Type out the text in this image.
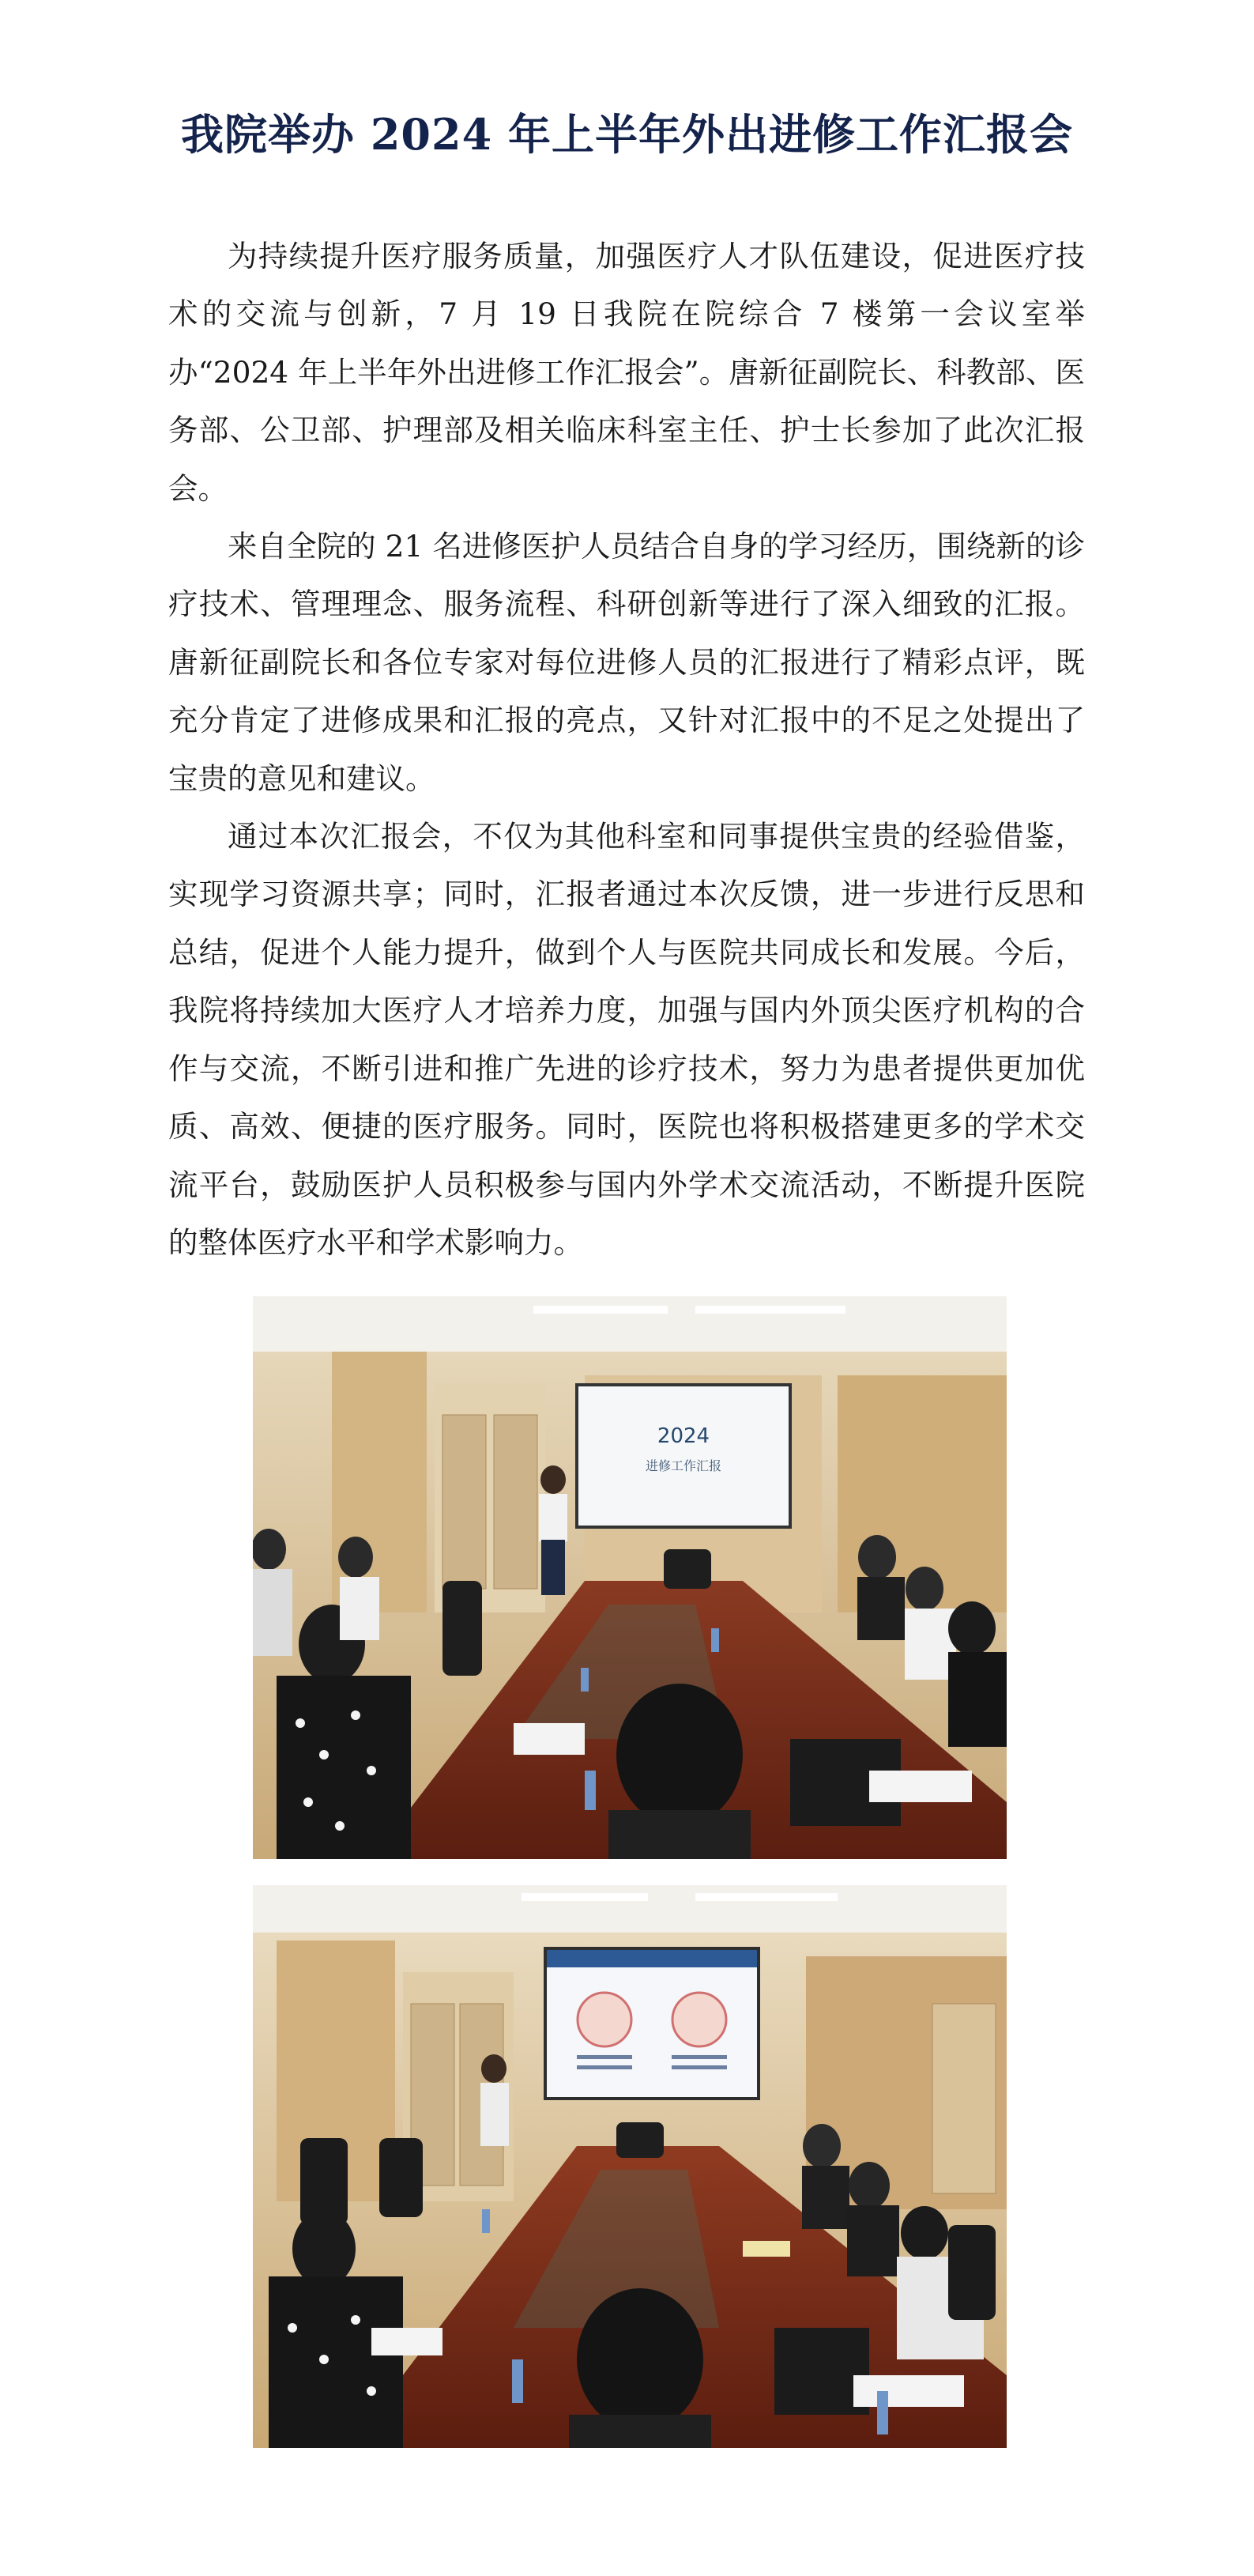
我院举办 2024 年上半年外出进修工作汇报会

为持续提升医疗服务质量，加强医疗人才队伍建设，促进医疗技术的交流与创新，7 月 19 日我院在院综合 7 楼第一会议室举办“2024 年上半年外出进修工作汇报会”。唐新征副院长、科教部、医务部、公卫部、护理部及相关临床科室主任、护士长参加了此次汇报会。

来自全院的 21 名进修医护人员结合自身的学习经历，围绕新的诊疗技术、管理理念、服务流程、科研创新等进行了深入细致的汇报。唐新征副院长和各位专家对每位进修人员的汇报进行了精彩点评，既充分肯定了进修成果和汇报的亮点，又针对汇报中的不足之处提出了宝贵的意见和建议。

通过本次汇报会，不仅为其他科室和同事提供宝贵的经验借鉴，实现学习资源共享；同时，汇报者通过本次反馈，进一步进行反思和总结，促进个人能力提升，做到个人与医院共同成长和发展。今后，我院将持续加大医疗人才培养力度，加强与国内外顶尖医疗机构的合作与交流，不断引进和推广先进的诊疗技术，努力为患者提供更加优质、高效、便捷的医疗服务。同时，医院也将积极搭建更多的学术交流平台，鼓励医护人员积极参与国内外学术交流活动，不断提升医院的整体医疗水平和学术影响力。

2024
进修工作汇报
